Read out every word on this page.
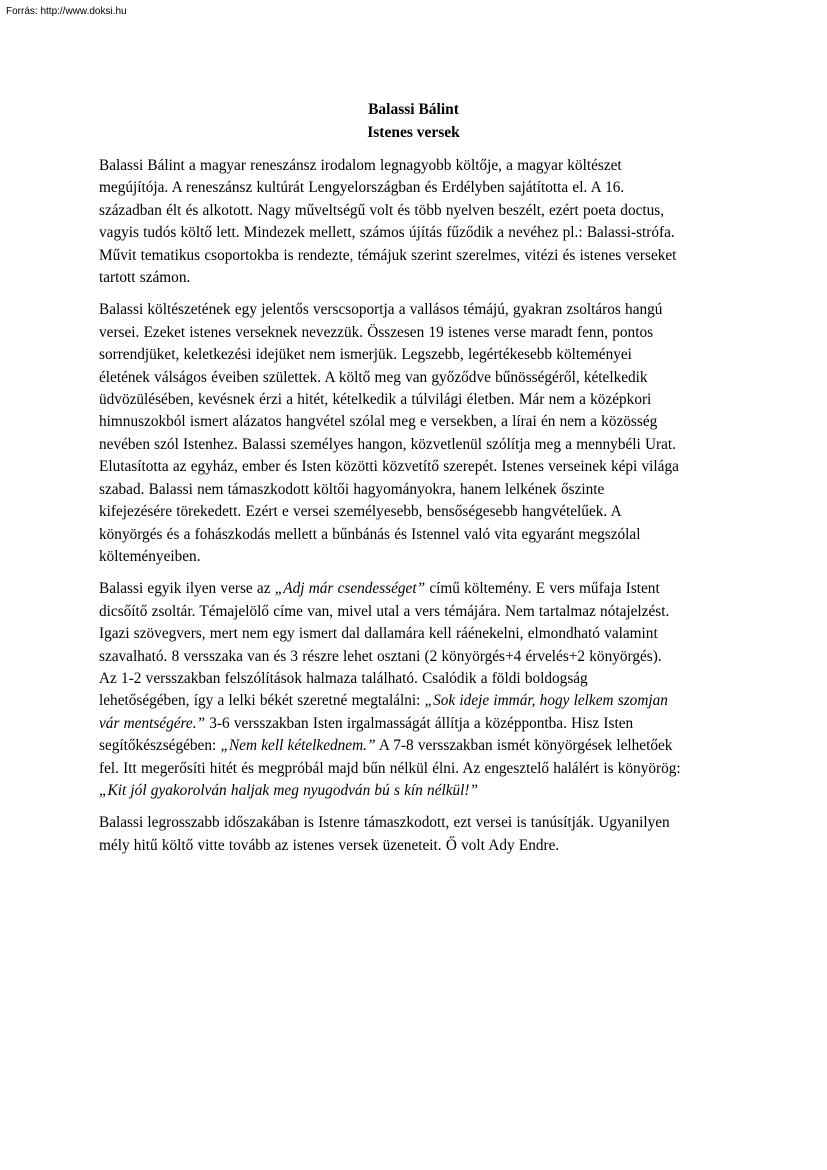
Forrás: http://www.doksi.hu
Balassi Bálint
Istenes versek

Balassi Bálint a magyar reneszánsz irodalom legnagyobb költője, a magyar költészet
megújítója. A reneszánsz kultúrát Lengyelországban és Erdélyben sajátította el. A 16.
században élt és alkotott. Nagy műveltségű volt és több nyelven beszélt, ezért poeta doctus,
vagyis tudós költő lett. Mindezek mellett, számos újítás fűződik a nevéhez pl.: Balassi-strófa.
Művit tematikus csoportokba is rendezte, témájuk szerint szerelmes, vitézi és istenes verseket
tartott számon.

Balassi költészetének egy jelentős verscsoportja a vallásos témájú, gyakran zsoltáros hangú
versei. Ezeket istenes verseknek nevezzük. Összesen 19 istenes verse maradt fenn, pontos
sorrendjüket, keletkezési idejüket nem ismerjük. Legszebb, legértékesebb költeményei
életének válságos éveiben születtek. A költő meg van győződve bűnösségéről, kételkedik
üdvözülésében, kevésnek érzi a hitét, kételkedik a túlvilági életben. Már nem a középkori
himnuszokból ismert alázatos hangvétel szólal meg e versekben, a lírai én nem a közösség
nevében szól Istenhez. Balassi személyes hangon, közvetlenül szólítja meg a mennybéli Urat.
Elutasította az egyház, ember és Isten közötti közvetítő szerepét. Istenes verseinek képi világa
szabad. Balassi nem támaszkodott költői hagyományokra, hanem lelkének őszinte
kifejezésére törekedett. Ezért e versei személyesebb, bensőségesebb hangvételűek. A
könyörgés és a fohászkodás mellett a bűnbánás és Istennel való vita egyaránt megszólal
költeményeiben.

Balassi egyik ilyen verse az „Adj már csendességet” című költemény. E vers műfaja Istent
dicsőítő zsoltár. Témajelölő címe van, mivel utal a vers témájára. Nem tartalmaz nótajelzést.
Igazi szövegvers, mert nem egy ismert dal dallamára kell ráénekelni, elmondható valamint
szavalható. 8 versszaka van és 3 részre lehet osztani (2 könyörgés+4 érvelés+2 könyörgés).
Az 1-2 versszakban felszólítások halmaza található. Csalódik a földi boldogság
lehetőségében, így a lelki békét szeretné megtalálni: „Sok ideje immár, hogy lelkem szomjan
vár mentségére.” 3-6 versszakban Isten irgalmasságát állítja a középpontba. Hisz Isten
segítőkészségében: „Nem kell kételkednem.” A 7-8 versszakban ismét könyörgések lelhetőek
fel. Itt megerősíti hitét és megpróbál majd bűn nélkül élni. Az engesztelő halálért is könyörög:
„Kit jól gyakorolván haljak meg nyugodván bú s kín nélkül!”

Balassi legrosszabb időszakában is Istenre támaszkodott, ezt versei is tanúsítják. Ugyanilyen
mély hitű költő vitte tovább az istenes versek üzeneteit. Ő volt Ady Endre.
